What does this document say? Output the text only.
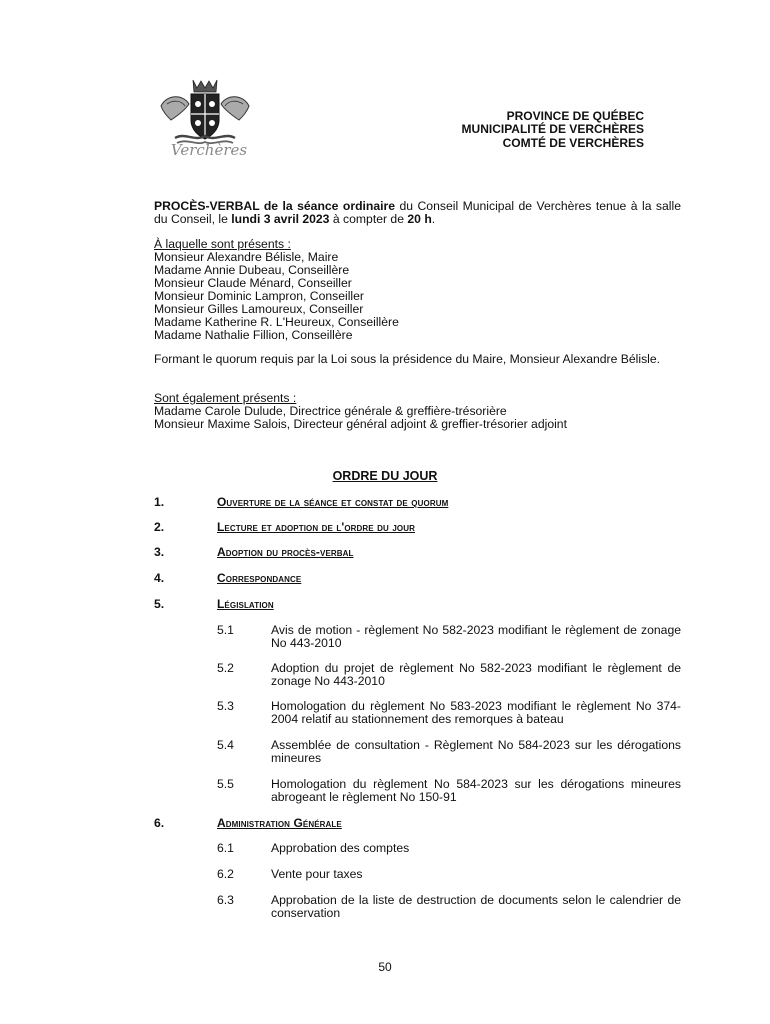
Verchères
PROVINCE DE QUÉBEC
MUNICIPALITÉ DE VERCHÈRES
COMTÉ DE VERCHÈRES
PROCÈS-VERBAL de la séance ordinaire du Conseil Municipal de Verchères tenue à la salle du Conseil, le lundi 3 avril 2023 à compter de 20 h.
À laquelle sont présents :
Monsieur Alexandre Bélisle, Maire
Madame Annie Dubeau, Conseillère
Monsieur Claude Ménard, Conseiller
Monsieur Dominic Lampron, Conseiller
Monsieur Gilles Lamoureux, Conseiller
Madame Katherine R. L'Heureux, Conseillère
Madame Nathalie Fillion, Conseillère
Formant le quorum requis par la Loi sous la présidence du Maire, Monsieur Alexandre Bélisle.
Sont également présents :
Madame Carole Dulude, Directrice générale & greffière-trésorière
Monsieur Maxime Salois, Directeur général adjoint & greffier-trésorier adjoint
ORDRE DU JOUR
1.	Ouverture de la séance et constat de quorum
2.	Lecture et adoption de l'ordre du jour
3.	Adoption du procès-verbal
4.	Correspondance
5.	Législation
5.1	Avis de motion - règlement No 582-2023 modifiant le règlement de zonage No 443-2010
5.2	Adoption du projet de règlement No 582-2023 modifiant le règlement de zonage No 443-2010
5.3	Homologation du règlement No 583-2023 modifiant le règlement No 374-2004 relatif au stationnement des remorques à bateau
5.4	Assemblée de consultation - Règlement No 584-2023 sur les dérogations mineures
5.5	Homologation du règlement No 584-2023 sur les dérogations mineures abrogeant le règlement No 150-91
6.	Administration Générale
6.1	Approbation des comptes
6.2	Vente pour taxes
6.3	Approbation de la liste de destruction de documents selon le calendrier de conservation
50
